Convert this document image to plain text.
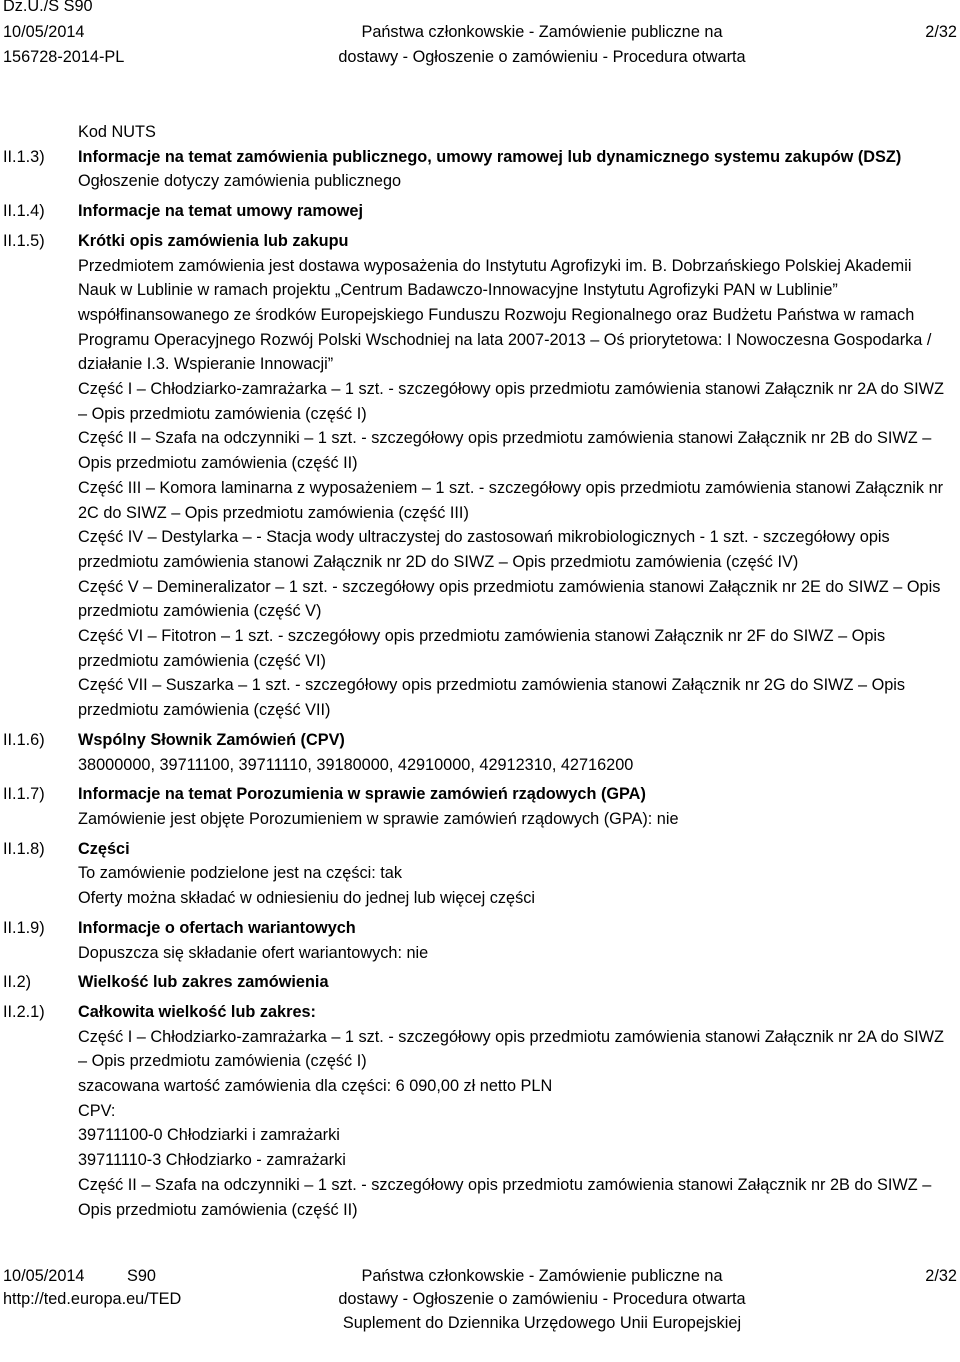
Dz.U./S S90
10/05/2014
156728-2014-PL
Państwa członkowskie - Zamówienie publiczne na
dostawy - Ogłoszenie o zamówieniu - Procedura otwarta
2/32
Kod NUTS
II.1.3)	Informacje na temat zamówienia publicznego, umowy ramowej lub dynamicznego systemu zakupów (DSZ)
Ogłoszenie dotyczy zamówienia publicznego
II.1.4)	Informacje na temat umowy ramowej
II.1.5)	Krótki opis zamówienia lub zakupu
Przedmiotem zamówienia jest dostawa wyposażenia do Instytutu Agrofizyki im. B. Dobrzańskiego Polskiej Akademii Nauk w Lublinie w ramach projektu „Centrum Badawczo-Innowacyjne Instytutu Agrofizyki PAN w Lublinie” współfinansowanego ze środków Europejskiego Funduszu Rozwoju Regionalnego oraz Budżetu Państwa w ramach Programu Operacyjnego Rozwój Polski Wschodniej na lata 2007-2013 – Oś priorytetowa: I Nowoczesna Gospodarka / działanie I.3. Wspieranie Innowacji”
Część I – Chłodziarko-zamrażarka – 1 szt. - szczegółowy opis przedmiotu zamówienia stanowi Załącznik nr 2A do SIWZ – Opis przedmiotu zamówienia (część I)
Część II – Szafa na odczynniki – 1 szt. - szczegółowy opis przedmiotu zamówienia stanowi Załącznik nr 2B do SIWZ – Opis przedmiotu zamówienia (część II)
Część III – Komora laminarna z wyposażeniem – 1 szt. - szczegółowy opis przedmiotu zamówienia stanowi Załącznik nr 2C do SIWZ – Opis przedmiotu zamówienia (część III)
Część IV – Destylarka – - Stacja wody ultraczystej do zastosowań mikrobiologicznych - 1 szt. - szczegółowy opis przedmiotu zamówienia stanowi Załącznik nr 2D do SIWZ – Opis przedmiotu zamówienia (część IV)
Część V – Demineralizator – 1 szt. - szczegółowy opis przedmiotu zamówienia stanowi Załącznik nr 2E do SIWZ – Opis przedmiotu zamówienia (część V)
Część VI – Fitotron – 1 szt. - szczegółowy opis przedmiotu zamówienia stanowi Załącznik nr 2F do SIWZ – Opis przedmiotu zamówienia (część VI)
Część VII – Suszarka – 1 szt. - szczegółowy opis przedmiotu zamówienia stanowi Załącznik nr 2G do SIWZ – Opis przedmiotu zamówienia (część VII)
II.1.6)	Wspólny Słownik Zamówień (CPV)
38000000, 39711100, 39711110, 39180000, 42910000, 42912310, 42716200
II.1.7)	Informacje na temat Porozumienia w sprawie zamówień rządowych (GPA)
Zamówienie jest objęte Porozumieniem w sprawie zamówień rządowych (GPA): nie
II.1.8)	Części
To zamówienie podzielone jest na części: tak
Oferty można składać w odniesieniu do jednej lub więcej części
II.1.9)	Informacje o ofertach wariantowych
Dopuszcza się składanie ofert wariantowych: nie
II.2)	Wielkość lub zakres zamówienia
II.2.1)	Całkowita wielkość lub zakres:
Część I – Chłodziarko-zamrażarka – 1 szt. - szczegółowy opis przedmiotu zamówienia stanowi Załącznik nr 2A do SIWZ – Opis przedmiotu zamówienia (część I)
szacowana wartość zamówienia dla części: 6 090,00 zł netto PLN
CPV:
39711100-0 Chłodziarki i zamrażarki
39711110-3 Chłodziarko - zamrażarki
Część II – Szafa na odczynniki – 1 szt. - szczegółowy opis przedmiotu zamówienia stanowi Załącznik nr 2B do SIWZ – Opis przedmiotu zamówienia (część II)
10/05/2014	S90
http://ted.europa.eu/TED
Państwa członkowskie - Zamówienie publiczne na
dostawy - Ogłoszenie o zamówieniu - Procedura otwarta
Suplement do Dziennika Urzędowego Unii Europejskiej
2/32
